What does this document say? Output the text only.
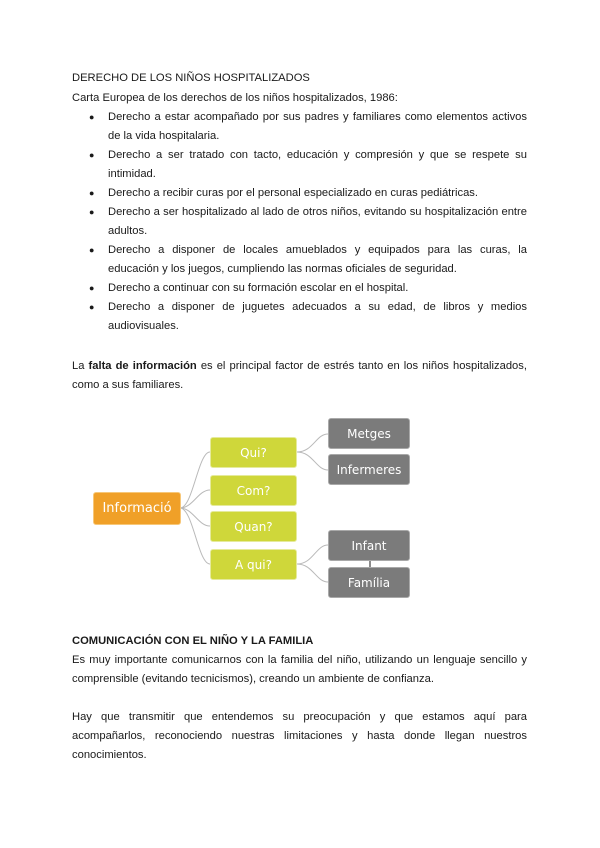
DERECHO DE LOS NIÑOS HOSPITALIZADOS
Carta Europea de los derechos de los niños hospitalizados, 1986:
● Derecho a estar acompañado por sus padres y familiares como elementos activos de la vida hospitalaria.
● Derecho a ser tratado con tacto, educación y compresión y que se respete su intimidad.
● Derecho a recibir curas por el personal especializado en curas pediátricas.
● Derecho a ser hospitalizado al lado de otros niños, evitando su hospitalización entre adultos.
● Derecho a disponer de locales amueblados y equipados para las curas, la educación y los juegos, cumpliendo las normas oficiales de seguridad.
● Derecho a continuar con su formación escolar en el hospital.
● Derecho a disponer de juguetes adecuados a su edad, de libros y medios audiovisuales.
La falta de información es el principal factor de estrés tanto en los niños hospitalizados, como a sus familiares.
Informació
Qui?
Com?
Quan?
A qui?
Metges
Infermeres
Infant
Família
COMUNICACIÓN CON EL NIÑO Y LA FAMILIA
Es muy importante comunicarnos con la familia del niño, utilizando un lenguaje sencillo y comprensible (evitando tecnicismos), creando un ambiente de confianza.
Hay que transmitir que entendemos su preocupación y que estamos aquí para acompañarlos, reconociendo nuestras limitaciones y hasta donde llegan nuestros conocimientos.
